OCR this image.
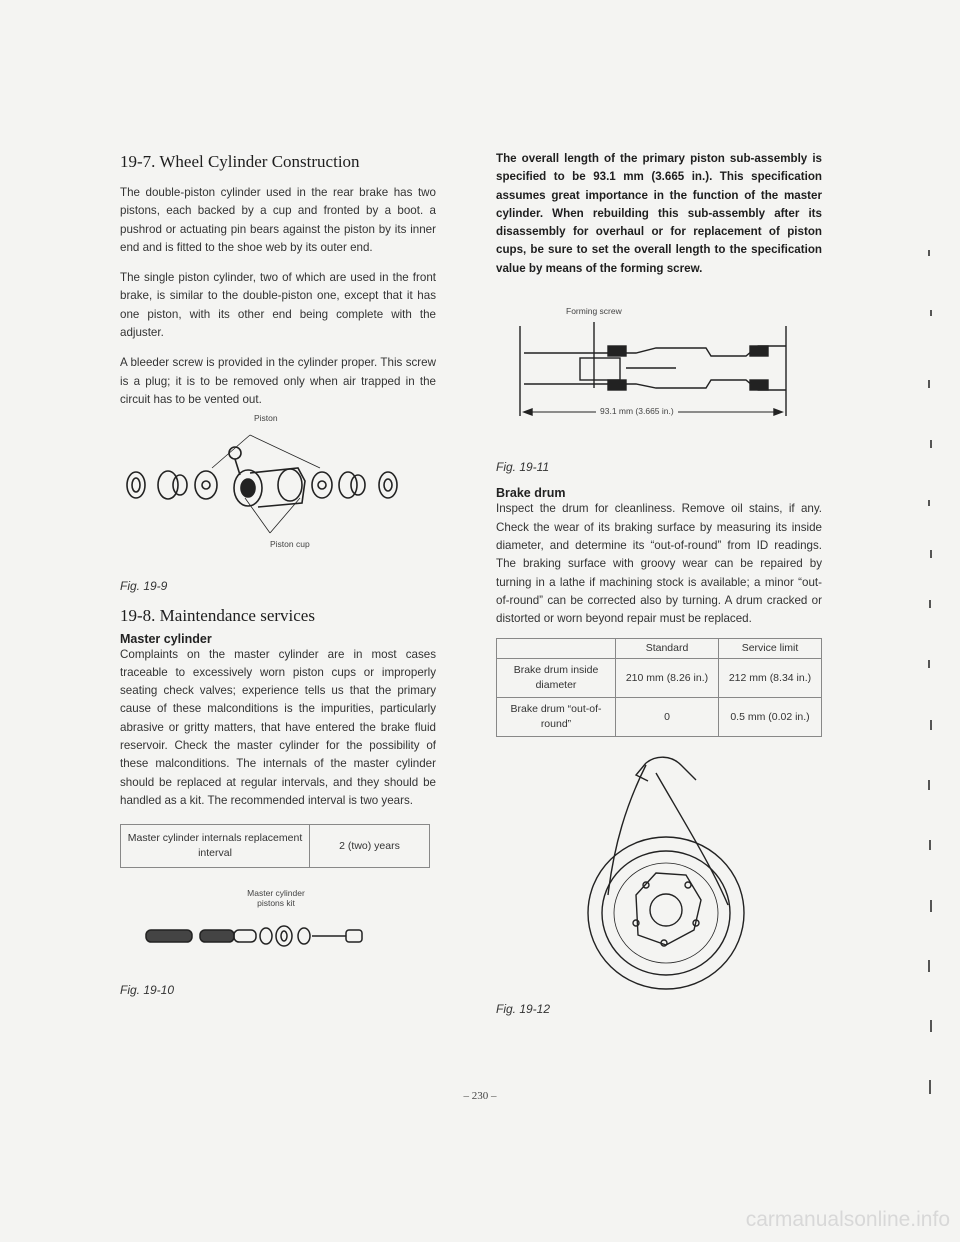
19-7. Wheel Cylinder Construction

The double-piston cylinder used in the rear brake has two pistons, each backed by a cup and fronted by a boot. a pushrod or actuating pin bears against the piston by its inner end and is fitted to the shoe web by its outer end.

The single piston cylinder, two of which are used in the front brake, is similar to the double-piston one, except that it has one piston, with its other end being complete with the adjuster.

A bleeder screw is provided in the cylinder proper. This screw is a plug; it is to be removed only when air trapped in the circuit has to be vented out.

Piston
Piston cup

Fig. 19-9

19-8. Maintendance services
Master cylinder

Complaints on the master cylinder are in most cases traceable to excessively worn piston cups or improperly seating check valves; experience tells us that the primary cause of these malconditions is the impurities, particularly abrasive or gritty matters, that have entered the brake fluid reservoir. Check the master cylinder for the possibility of these malconditions. The internals of the master cylinder should be replaced at regular intervals, and they should be handled as a kit. The recommended interval is two years.

Master cylinder internals replacement interval	2 (two) years
Master cylinder pistons kit

Fig. 19-10

The overall length of the primary piston sub-assembly is specified to be 93.1 mm (3.665 in.). This specification assumes great importance in the function of the master cylinder. When rebuilding this sub-assembly after its disassembly for overhaul or for replacement of piston cups, be sure to set the overall length to the specification value by means of the forming screw.

Forming screw
93.1 mm (3.665 in.)

Fig. 19-11

Brake drum

Inspect the drum for cleanliness. Remove oil stains, if any. Check the wear of its braking surface by measuring its inside diameter, and determine its “out-of-round” from ID readings. The braking surface with groovy wear can be repaired by turning in a lathe if machining stock is available; a minor “out-of-round” can be corrected also by turning. A drum cracked or distorted or worn beyond repair must be replaced.

	Standard	Service limit
Brake drum inside diameter	210 mm (8.26 in.)	212 mm (8.34 in.)
Brake drum “out-of-round”	0	0.5 mm (0.02 in.)

Fig. 19-12

– 230 –
carmanualsonline.info
